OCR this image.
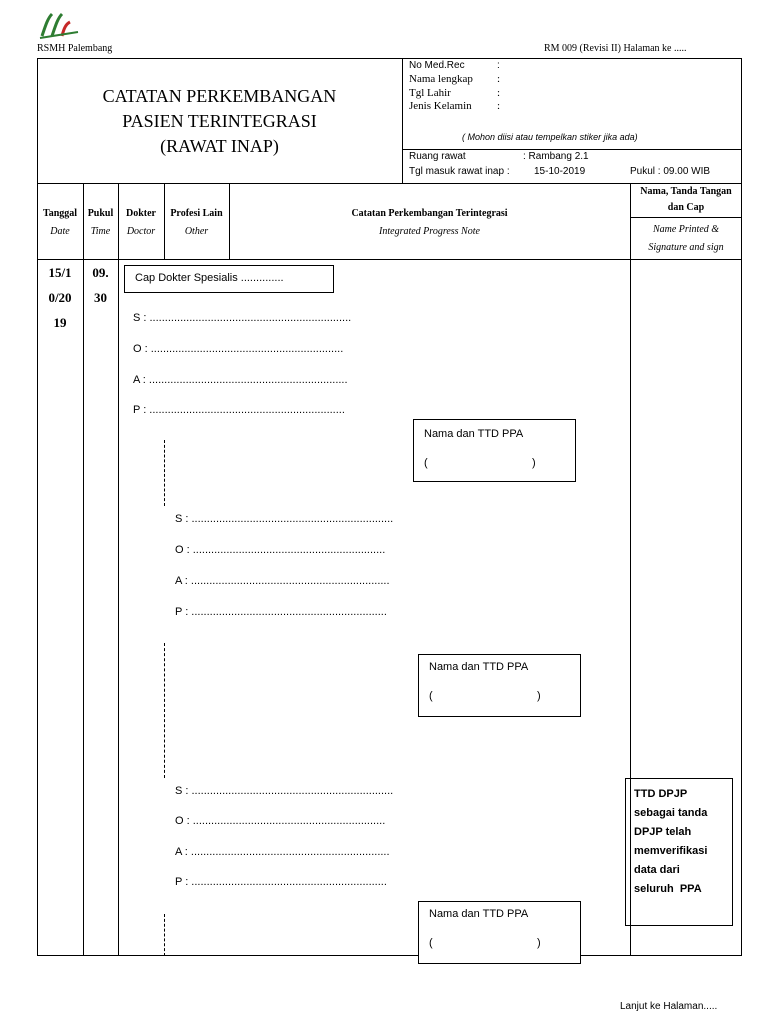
RSMH Palembang	RM 009 (Revisi II) Halaman ke .....
CATATAN PERKEMBANGAN
PASIEN TERINTEGRASI
(RAWAT INAP)
No Med.Rec	:
Nama lengkap :
Tgl Lahir	:
Jenis Kelamin :
( Mohon diisi atau tempelkan stiker jika ada)
Ruang rawat	: Rambang 2.1
Tgl masuk rawat inap : 15-10-2019	Pukul : 09.00 WIB
Tanggal
Date
Pukul
Time
Dokter
Doctor
Profesi Lain
Other
Catatan Perkembangan Terintegrasi
Integrated Progress Note
Nama, Tanda Tangan
dan Cap
Name Printed &
Signature and sign
15/1
0/20
19
09.
30
Cap Dokter Spesialis ..............
S : ..................................................................
O : ...............................................................
A : .................................................................
P : ................................................................
Nama dan TTD PPA
(	)
S : ..................................................................
O : ...............................................................
A : .................................................................
P : ................................................................
Nama dan TTD PPA
(	)
S : ..................................................................
O : ...............................................................
A : .................................................................
P : ................................................................
Nama dan TTD PPA
(	)
TTD DPJP
sebagai tanda
DPJP telah
memverifikasi
data dari
seluruh  PPA
Lanjut ke Halaman.....
